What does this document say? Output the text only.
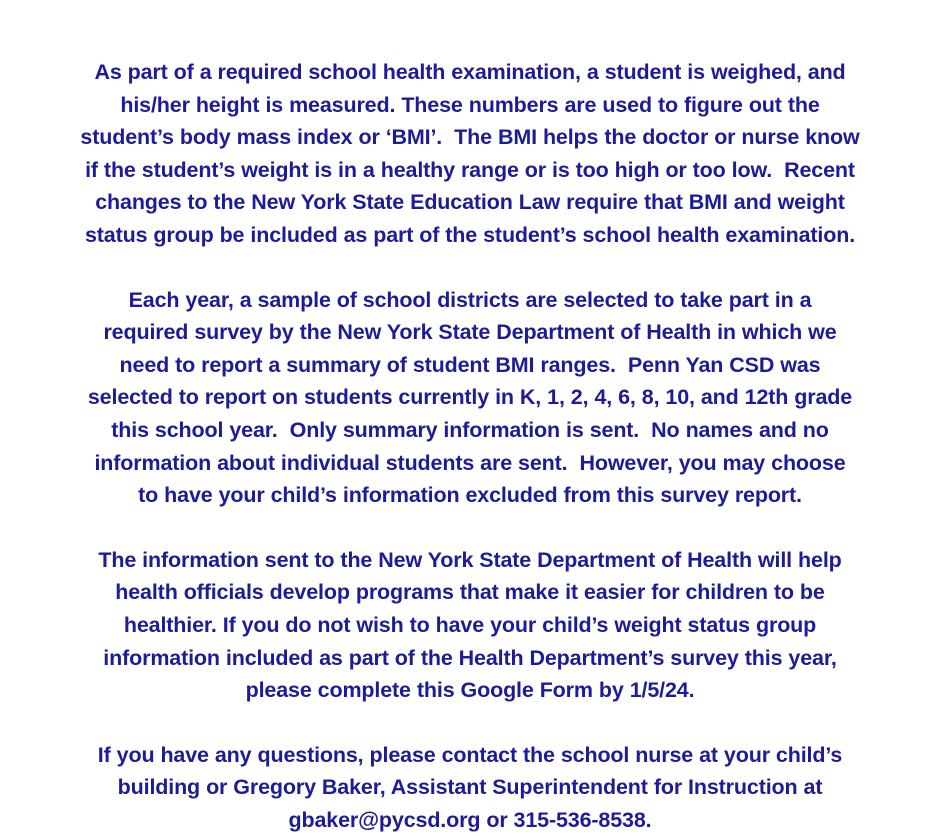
As part of a required school health examination, a student is weighed, and
his/her height is measured. These numbers are used to figure out the
student’s body mass index or ‘BMI’.  The BMI helps the doctor or nurse know
if the student’s weight is in a healthy range or is too high or too low.  Recent
changes to the New York State Education Law require that BMI and weight
status group be included as part of the student’s school health examination.

Each year, a sample of school districts are selected to take part in a
required survey by the New York State Department of Health in which we
need to report a summary of student BMI ranges.  Penn Yan CSD was
selected to report on students currently in K, 1, 2, 4, 6, 8, 10, and 12th grade
this school year.  Only summary information is sent.  No names and no
information about individual students are sent.  However, you may choose
to have your child’s information excluded from this survey report.

The information sent to the New York State Department of Health will help
health officials develop programs that make it easier for children to be
healthier. If you do not wish to have your child’s weight status group
information included as part of the Health Department’s survey this year,
please complete this Google Form by 1/5/24.

If you have any questions, please contact the school nurse at your child’s
building or Gregory Baker, Assistant Superintendent for Instruction at
gbaker@pycsd.org or 315-536-8538.
